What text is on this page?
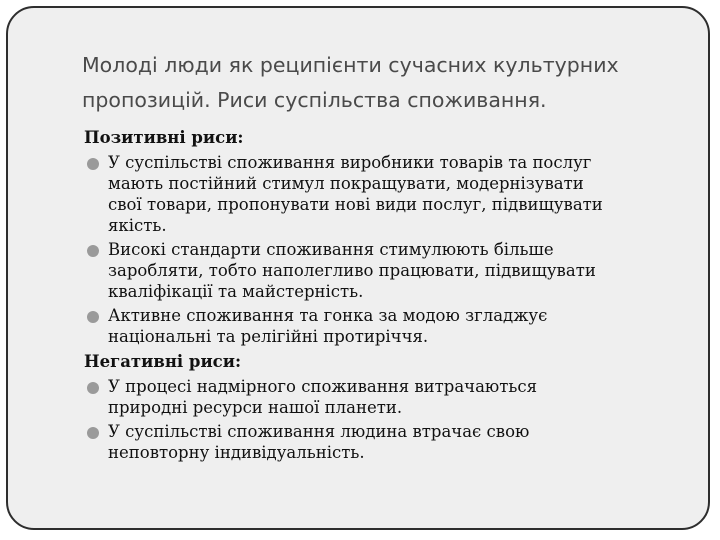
Молоді люди як реципієнти сучасних культурних
пропозицій. Риси суспільства споживання.

Позитивні риси:

У суспільстві споживання виробники товарів та послуг
мають постійний стимул покращувати, модернізувати
свої товари, пропонувати нові види послуг, підвищувати
якість.
Високі стандарти споживання стимулюють більше
заробляти, тобто наполегливо працювати, підвищувати
кваліфікації та майстерність.
Активне споживання та гонка за модою згладжує
національні та релігійні протиріччя.

Негативні риси:

У процесі надмірного споживання витрачаються
природні ресурси нашої планети.
У суспільстві споживання людина втрачає свою
неповторну індивідуальність.
